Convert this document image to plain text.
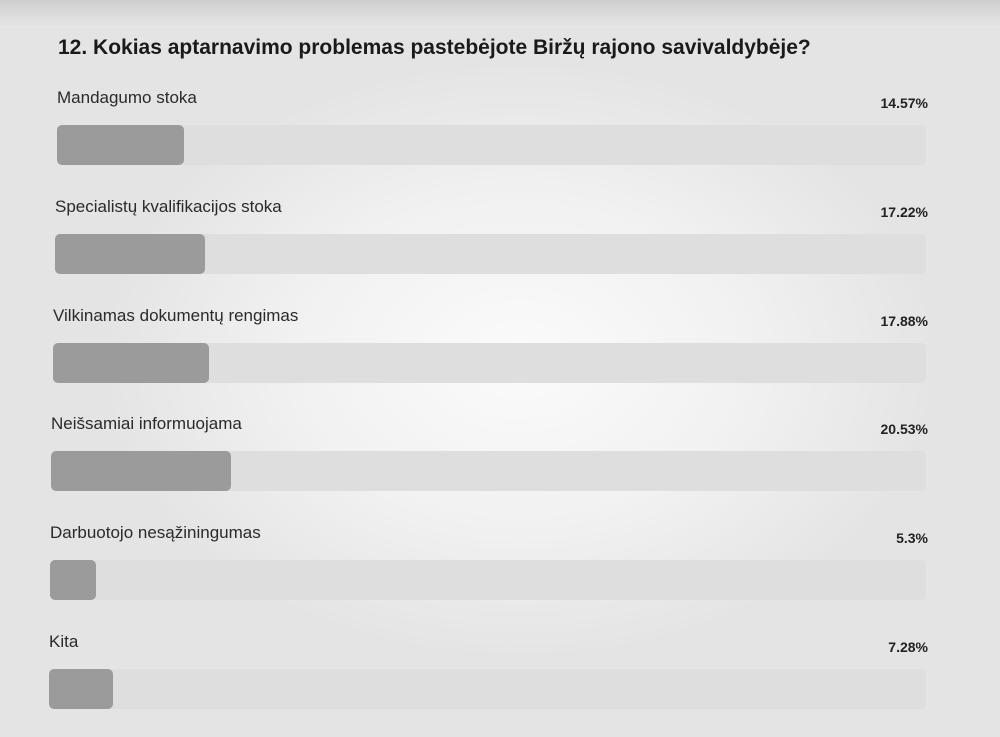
12. Kokias aptarnavimo problemas pastebėjote Biržų rajono savivaldybėje?
Mandagumo stoka	14.57%
Specialistų kvalifikacijos stoka	17.22%
Vilkinamas dokumentų rengimas	17.88%
Neišsamiai informuojama	20.53%
Darbuotojo nesąžiningumas	5.3%
Kita	7.28%
